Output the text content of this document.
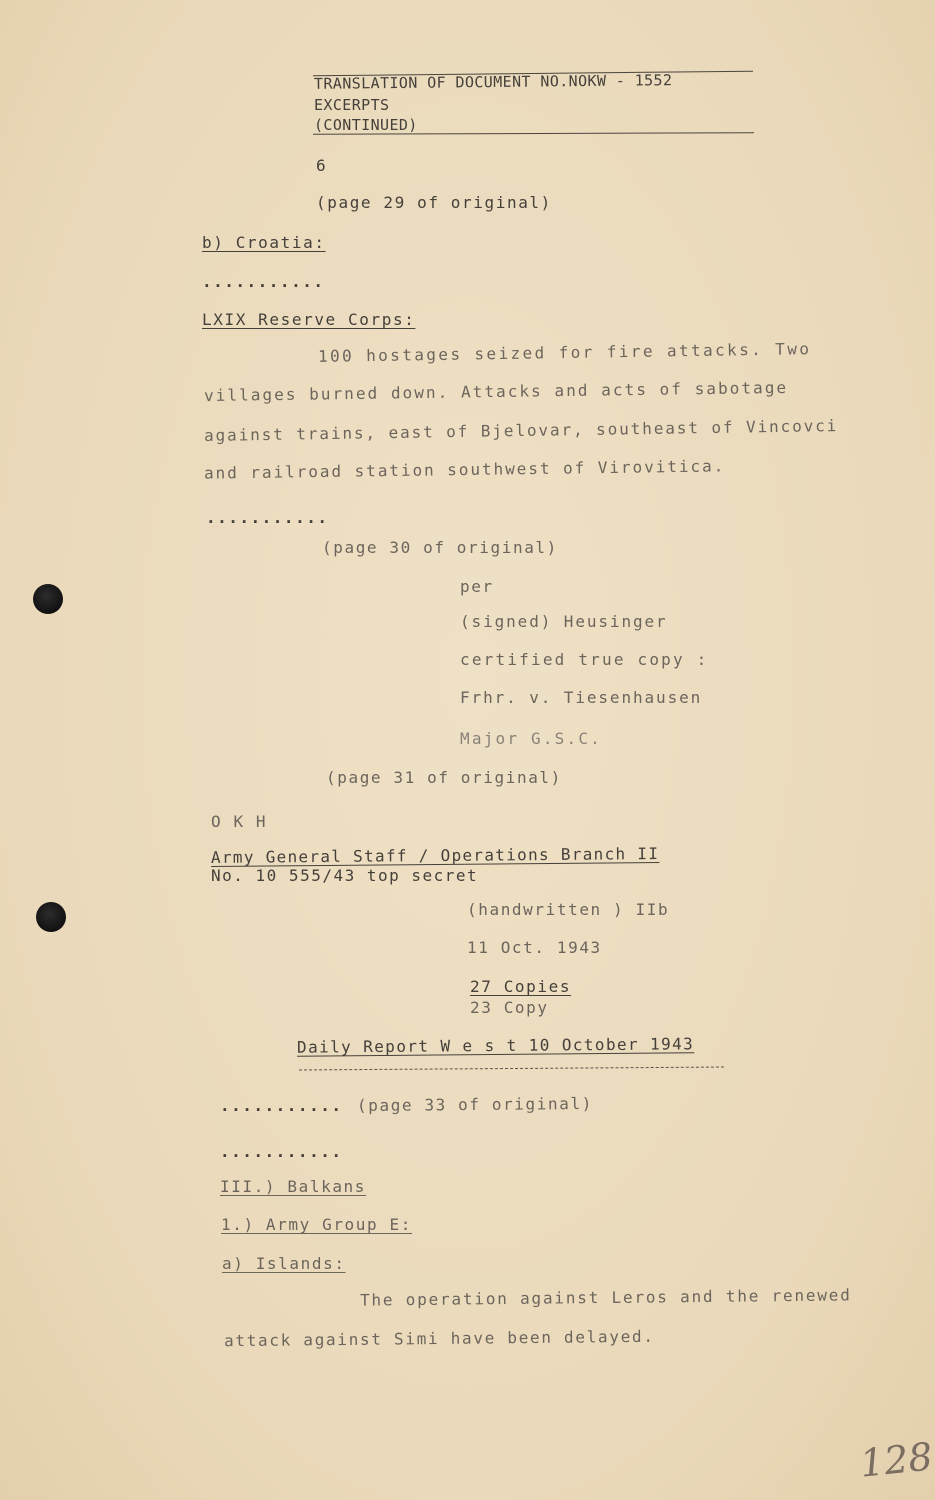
TRANSLATION OF DOCUMENT NO.NOKW - 1552
EXCERPTS
(CONTINUED)
6
(page 29 of original)
b) Croatia:
...........
LXIX Reserve Corps:
100 hostages seized for fire attacks. Two
villages burned down. Attacks and acts of sabotage
against trains, east of Bjelovar, southeast of Vincovci
and railroad station southwest of Virovitica.
...........
(page 30 of original)
per
(signed) Heusinger
certified true copy :
Frhr. v. Tiesenhausen
Major G.S.C.
(page 31 of original)
O K H
Army General Staff / Operations Branch II
No. 10 555/43 top secret
(handwritten ) IIb
11 Oct. 1943
27 Copies
23 Copy
Daily Report W e s t 10 October 1943
........... (page 33 of original)
...........
III.) Balkans
1.) Army Group E:
a) Islands:
The operation against Leros and the renewed
attack against Simi have been delayed.
128
